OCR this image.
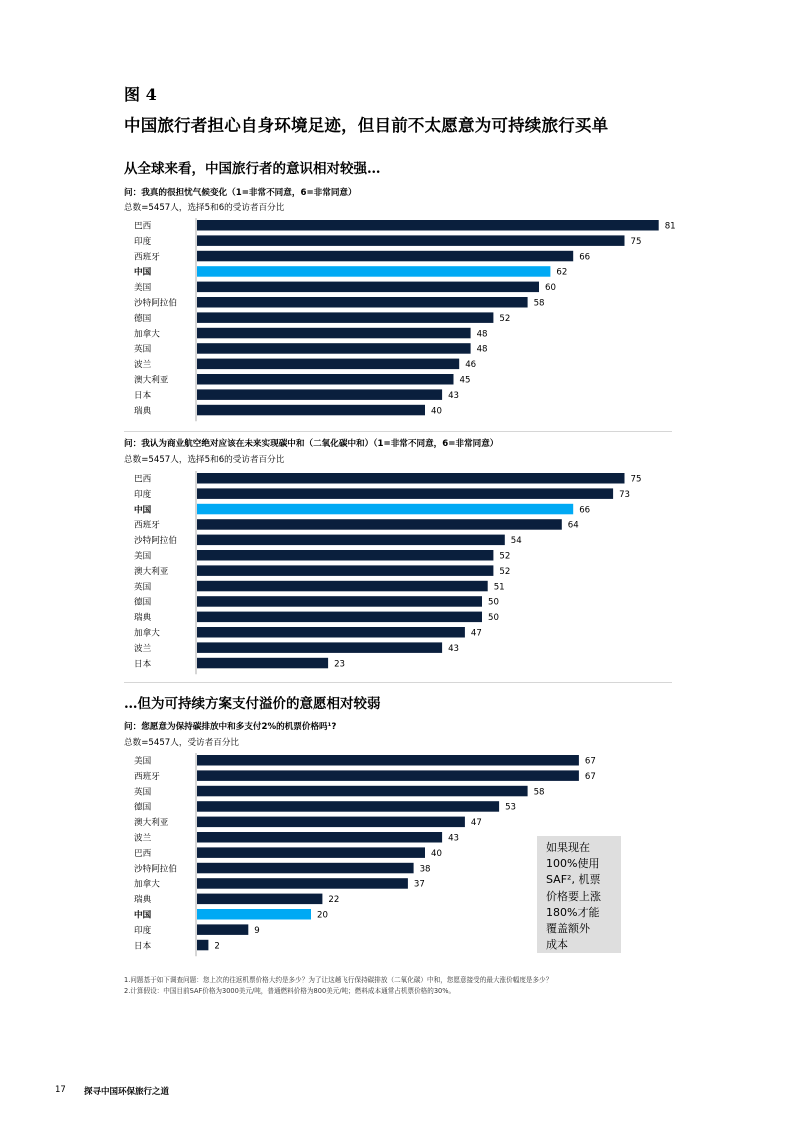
图 4
中国旅行者担心自身环境足迹，但目前不太愿意为可持续旅行买单
从全球来看，中国旅行者的意识相对较强…
问：我真的很担忧气候变化（1=非常不同意，6=非常同意）
总数=5457人，选择5和6的受访者百分比
巴西	81
印度	75
西班牙	66
中国	62
美国	60
沙特阿拉伯	58
德国	52
加拿大	48
英国	48
波兰	46
澳大利亚	45
日本	43
瑞典	40
问：我认为商业航空绝对应该在未来实现碳中和（二氧化碳中和）（1=非常不同意，6=非常同意）
总数=5457人，选择5和6的受访者百分比
巴西	75
印度	73
中国	66
西班牙	64
沙特阿拉伯	54
美国	52
澳大利亚	52
英国	51
德国	50
瑞典	50
加拿大	47
波兰	43
日本	23
…但为可持续方案支付溢价的意愿相对较弱
问：您愿意为保持碳排放中和多支付2%的机票价格吗¹?
总数=5457人，受访者百分比
美国	67
西班牙	67
英国	58
德国	53
澳大利亚	47
波兰	43
巴西	40
沙特阿拉伯	38
加拿大	37
瑞典	22
中国	20
印度	9
日本	2
如果现在
100%使用
SAF², 机票
价格要上涨
180%才能
覆盖额外
成本
1.问题基于如下调查问题：您上次的往返机票价格大约是多少？为了让这趟飞行保持碳排放（二氧化碳）中和，您愿意接受的最大涨价幅度是多少？
2.计算假设：中国目前SAF价格为3000美元/吨，普通燃料价格为800美元/吨；燃料成本通常占机票价格的30%。
17 探寻中国环保旅行之道
